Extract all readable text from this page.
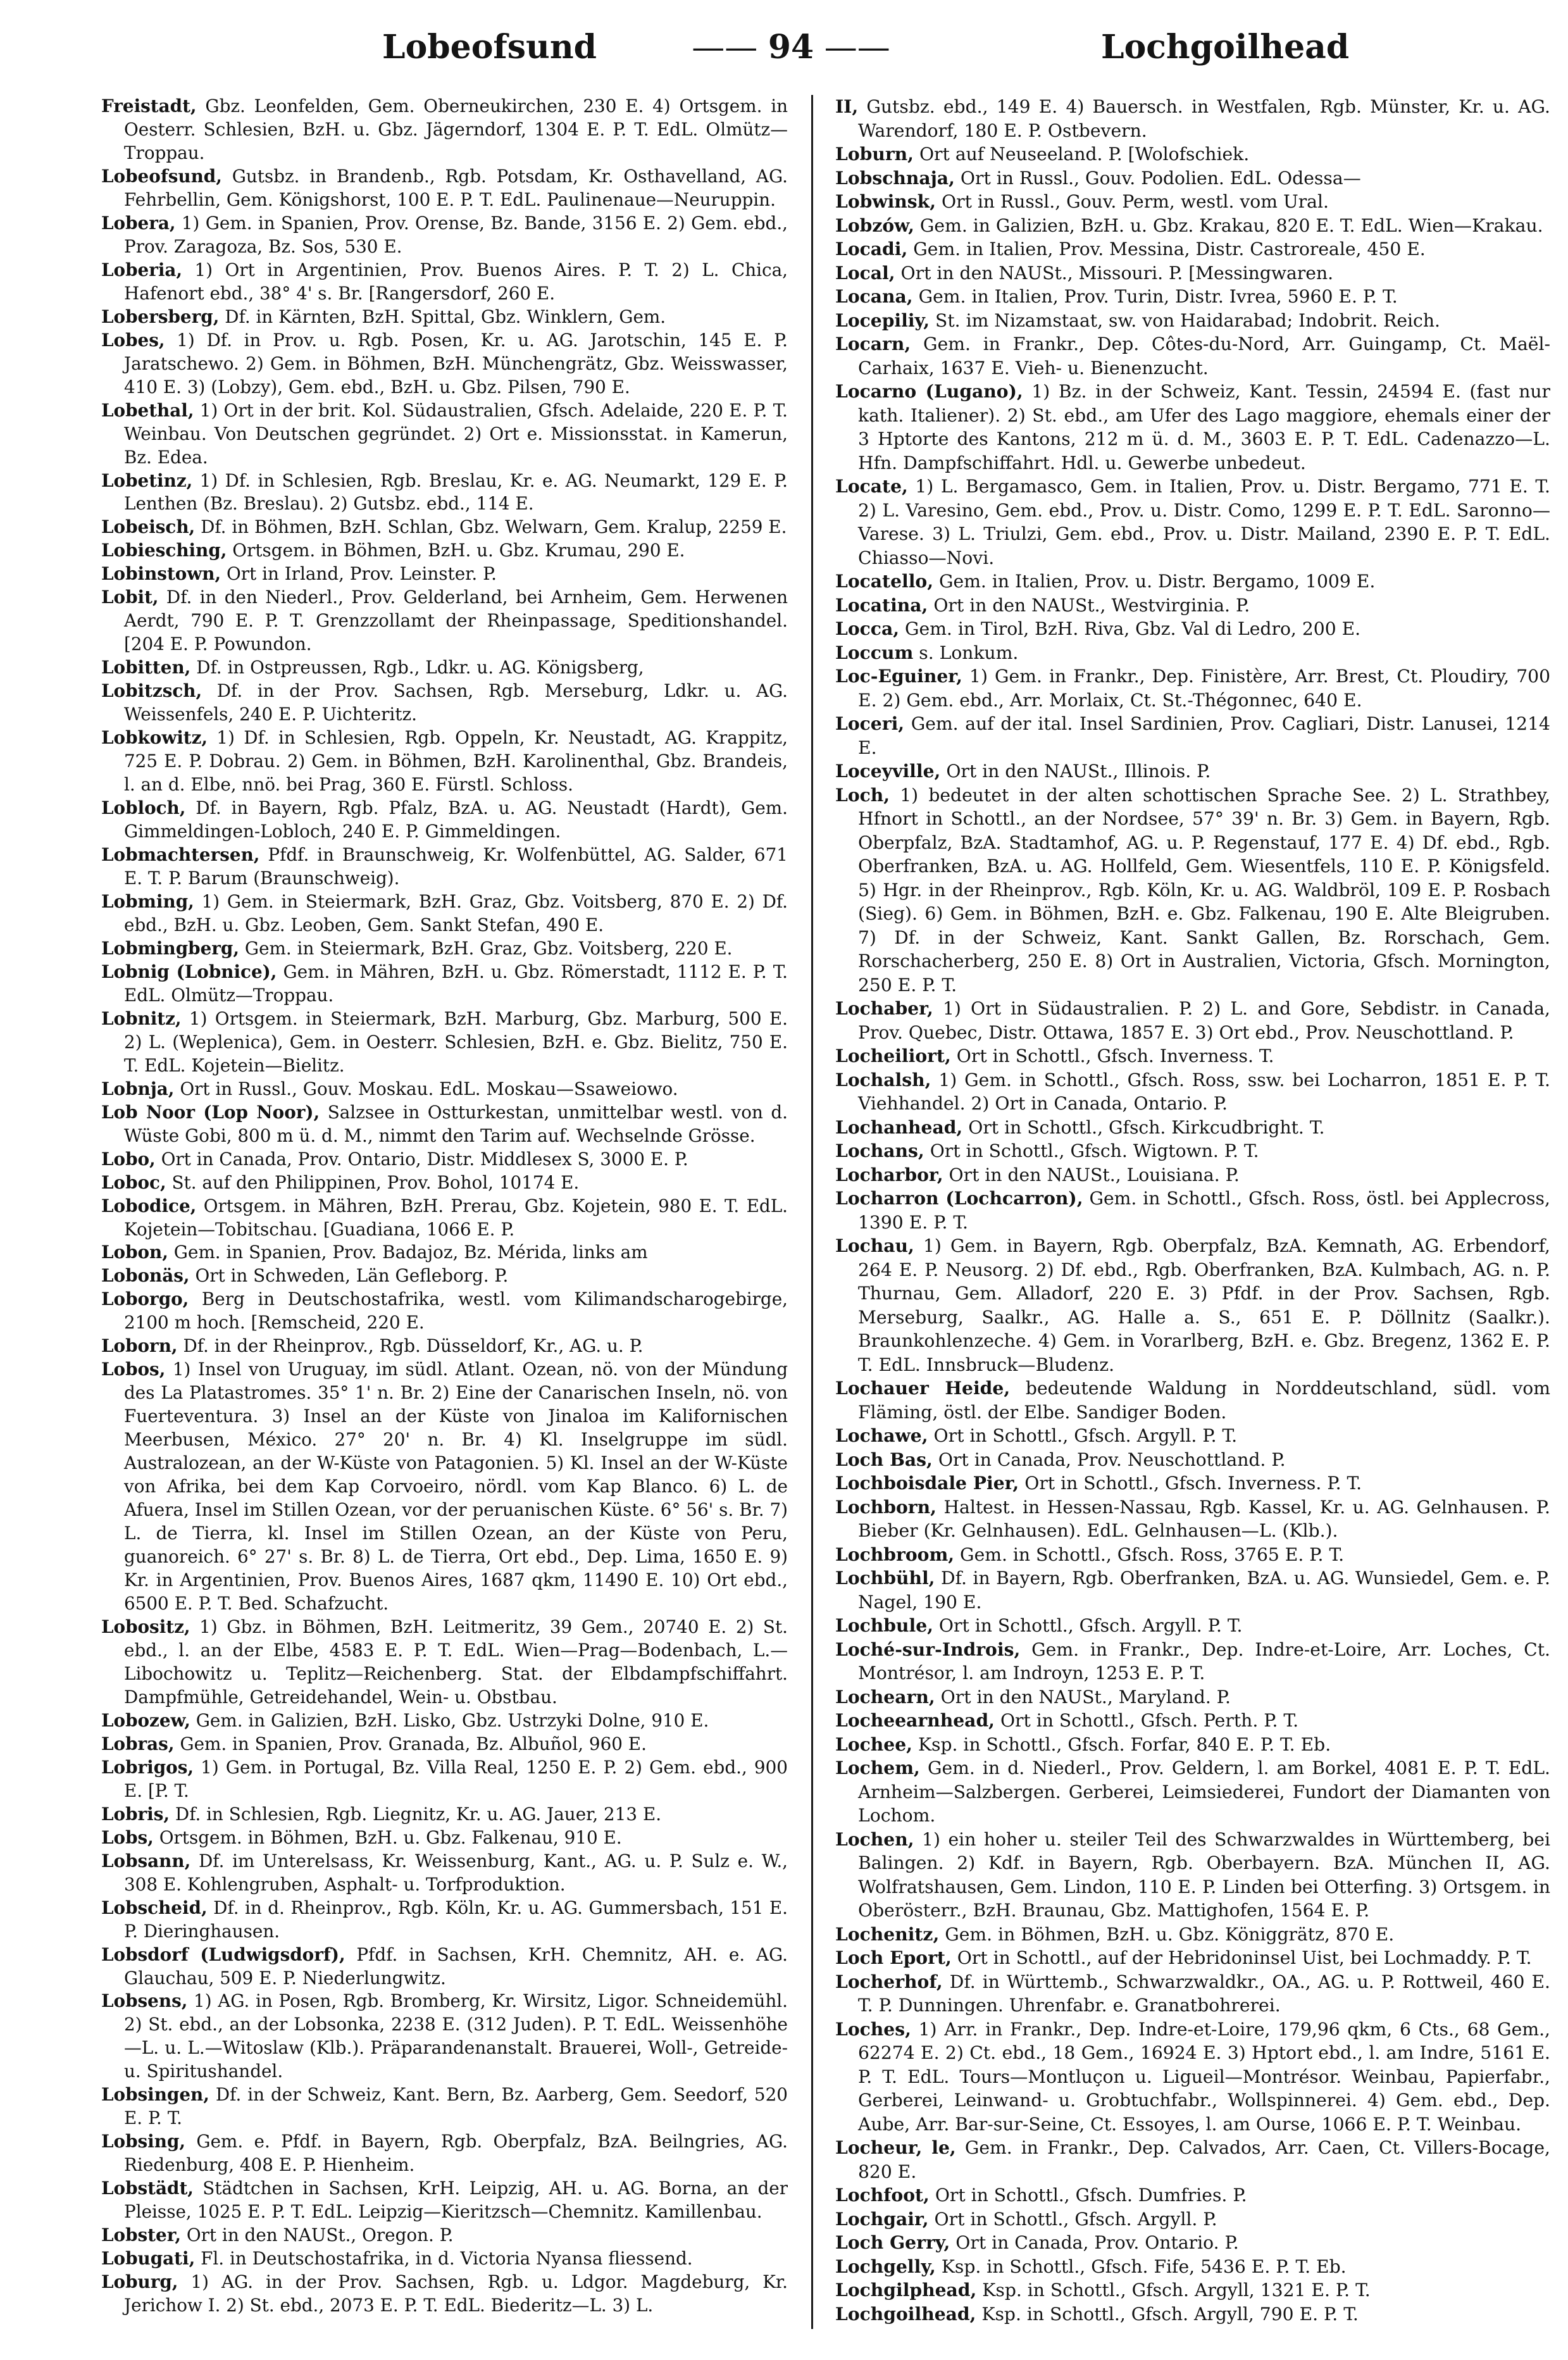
Lobeofsund	—— 94 ——	Lochgoilhead

Freistadt, Gbz. Leonfelden, Gem. Oberneukirchen, 230 E. 4) Ortsgem. in Oesterr. Schlesien, BzH. u. Gbz. Jägerndorf, 1304 E. P. T. EdL. Olmütz—Troppau.

Lobeofsund, Gutsbz. in Brandenb., Rgb. Potsdam, Kr. Osthavelland, AG. Fehrbellin, Gem. Königshorst, 100 E. P. T. EdL. Paulinenaue—Neuruppin.

Lobera, 1) Gem. in Spanien, Prov. Orense, Bz. Bande, 3156 E. 2) Gem. ebd., Prov. Zaragoza, Bz. Sos, 530 E.

Loberia, 1) Ort in Argentinien, Prov. Buenos Aires. P. T. 2) L. Chica, Hafenort ebd., 38° 4' s. Br. [Rangersdorf, 260 E.

Lobersberg, Df. in Kärnten, BzH. Spittal, Gbz. Winklern, Gem.

Lobes, 1) Df. in Prov. u. Rgb. Posen, Kr. u. AG. Jarotschin, 145 E. P. Jaratschewo. 2) Gem. in Böhmen, BzH. Münchengrätz, Gbz. Weisswasser, 410 E. 3) (Lobzy), Gem. ebd., BzH. u. Gbz. Pilsen, 790 E.

Lobethal, 1) Ort in der brit. Kol. Südaustralien, Gfsch. Adelaide, 220 E. P. T. Weinbau. Von Deutschen gegründet. 2) Ort e. Missionsstat. in Kamerun, Bz. Edea.

Lobetinz, 1) Df. in Schlesien, Rgb. Breslau, Kr. e. AG. Neumarkt, 129 E. P. Lenthen (Bz. Breslau). 2) Gutsbz. ebd., 114 E.

Lobeisch, Df. in Böhmen, BzH. Schlan, Gbz. Welwarn, Gem. Kralup, 2259 E.

Lobiesching, Ortsgem. in Böhmen, BzH. u. Gbz. Krumau, 290 E.

Lobinstown, Ort in Irland, Prov. Leinster. P.

Lobit, Df. in den Niederl., Prov. Gelderland, bei Arnheim, Gem. Herwenen Aerdt, 790 E. P. T. Grenzzollamt der Rheinpassage, Speditionshandel. [204 E. P. Powundon.

Lobitten, Df. in Ostpreussen, Rgb., Ldkr. u. AG. Königsberg,

Lobitzsch, Df. in der Prov. Sachsen, Rgb. Merseburg, Ldkr. u. AG. Weissenfels, 240 E. P. Uichteritz.

Lobkowitz, 1) Df. in Schlesien, Rgb. Oppeln, Kr. Neustadt, AG. Krappitz, 725 E. P. Dobrau. 2) Gem. in Böhmen, BzH. Karolinenthal, Gbz. Brandeis, l. an d. Elbe, nnö. bei Prag, 360 E. Fürstl. Schloss.

Lobloch, Df. in Bayern, Rgb. Pfalz, BzA. u. AG. Neustadt (Hardt), Gem. Gimmeldingen-Lobloch, 240 E. P. Gimmeldingen.

Lobmachtersen, Pfdf. in Braunschweig, Kr. Wolfenbüttel, AG. Salder, 671 E. T. P. Barum (Braunschweig).

Lobming, 1) Gem. in Steiermark, BzH. Graz, Gbz. Voitsberg, 870 E. 2) Df. ebd., BzH. u. Gbz. Leoben, Gem. Sankt Stefan, 490 E.

Lobmingberg, Gem. in Steiermark, BzH. Graz, Gbz. Voitsberg, 220 E.

Lobnig (Lobnice), Gem. in Mähren, BzH. u. Gbz. Römerstadt, 1112 E. P. T. EdL. Olmütz—Troppau.

Lobnitz, 1) Ortsgem. in Steiermark, BzH. Marburg, Gbz. Marburg, 500 E. 2) L. (Weplenica), Gem. in Oesterr. Schlesien, BzH. e. Gbz. Bielitz, 750 E. T. EdL. Kojetein—Bielitz.

Lobnja, Ort in Russl., Gouv. Moskau. EdL. Moskau—Ssaweiowo.

Lob Noor (Lop Noor), Salzsee in Ostturkestan, unmittelbar westl. von d. Wüste Gobi, 800 m ü. d. M., nimmt den Tarim auf. Wechselnde Grösse.

Lobo, Ort in Canada, Prov. Ontario, Distr. Middlesex S, 3000 E. P.

Loboc, St. auf den Philippinen, Prov. Bohol, 10174 E.

Lobodice, Ortsgem. in Mähren, BzH. Prerau, Gbz. Kojetein, 980 E. T. EdL. Kojetein—Tobitschau. [Guadiana, 1066 E. P.

Lobon, Gem. in Spanien, Prov. Badajoz, Bz. Mérida, links am

Lobonäs, Ort in Schweden, Län Gefleborg. P.

Loborgo, Berg in Deutschostafrika, westl. vom Kilimandscharogebirge, 2100 m hoch. [Remscheid, 220 E.

Loborn, Df. in der Rheinprov., Rgb. Düsseldorf, Kr., AG. u. P.

Lobos, 1) Insel von Uruguay, im südl. Atlant. Ozean, nö. von der Mündung des La Platastromes. 35° 1' n. Br. 2) Eine der Canarischen Inseln, nö. von Fuerteventura. 3) Insel an der Küste von Jinaloa im Kalifornischen Meerbusen, México. 27° 20' n. Br. 4) Kl. Inselgruppe im südl. Australozean, an der W-Küste von Patagonien. 5) Kl. Insel an der W-Küste von Afrika, bei dem Kap Corvoeiro, nördl. vom Kap Blanco. 6) L. de Afuera, Insel im Stillen Ozean, vor der peruanischen Küste. 6° 56' s. Br. 7) L. de Tierra, kl. Insel im Stillen Ozean, an der Küste von Peru, guanoreich. 6° 27' s. Br. 8) L. de Tierra, Ort ebd., Dep. Lima, 1650 E. 9) Kr. in Argentinien, Prov. Buenos Aires, 1687 qkm, 11490 E. 10) Ort ebd., 6500 E. P. T. Bed. Schafzucht.

Lobositz, 1) Gbz. in Böhmen, BzH. Leitmeritz, 39 Gem., 20740 E. 2) St. ebd., l. an der Elbe, 4583 E. P. T. EdL. Wien—Prag—Bodenbach, L.—Libochowitz u. Teplitz—Reichenberg. Stat. der Elbdampfschiffahrt. Dampfmühle, Getreidehandel, Wein- u. Obstbau.

Lobozew, Gem. in Galizien, BzH. Lisko, Gbz. Ustrzyki Dolne, 910 E.

Lobras, Gem. in Spanien, Prov. Granada, Bz. Albuñol, 960 E.

Lobrigos, 1) Gem. in Portugal, Bz. Villa Real, 1250 E. P. 2) Gem. ebd., 900 E. [P. T.

Lobris, Df. in Schlesien, Rgb. Liegnitz, Kr. u. AG. Jauer, 213 E.

Lobs, Ortsgem. in Böhmen, BzH. u. Gbz. Falkenau, 910 E.

Lobsann, Df. im Unterelsass, Kr. Weissenburg, Kant., AG. u. P. Sulz e. W., 308 E. Kohlengruben, Asphalt- u. Torfproduktion.

Lobscheid, Df. in d. Rheinprov., Rgb. Köln, Kr. u. AG. Gummersbach, 151 E. P. Dieringhausen.

Lobsdorf (Ludwigsdorf), Pfdf. in Sachsen, KrH. Chemnitz, AH. e. AG. Glauchau, 509 E. P. Niederlungwitz.

Lobsens, 1) AG. in Posen, Rgb. Bromberg, Kr. Wirsitz, Ligor. Schneidemühl. 2) St. ebd., an der Lobsonka, 2238 E. (312 Juden). P. T. EdL. Weissenhöhe—L. u. L.—Witoslaw (Klb.). Präparandenanstalt. Brauerei, Woll-, Getreide- u. Spiritushandel.

Lobsingen, Df. in der Schweiz, Kant. Bern, Bz. Aarberg, Gem. Seedorf, 520 E. P. T.

Lobsing, Gem. e. Pfdf. in Bayern, Rgb. Oberpfalz, BzA. Beilngries, AG. Riedenburg, 408 E. P. Hienheim.

Lobstädt, Städtchen in Sachsen, KrH. Leipzig, AH. u. AG. Borna, an der Pleisse, 1025 E. P. T. EdL. Leipzig—Kieritzsch—Chemnitz. Kamillenbau.

Lobster, Ort in den NAUSt., Oregon. P.

Lobugati, Fl. in Deutschostafrika, in d. Victoria Nyansa fliessend.

Loburg, 1) AG. in der Prov. Sachsen, Rgb. u. Ldgor. Magdeburg, Kr. Jerichow I. 2) St. ebd., 2073 E. P. T. EdL. Biederitz—L. 3) L.

II, Gutsbz. ebd., 149 E. 4) Bauersch. in Westfalen, Rgb. Münster, Kr. u. AG. Warendorf, 180 E. P. Ostbevern.

Loburn, Ort auf Neuseeland. P. [Wolofschiek.

Lobschnaja, Ort in Russl., Gouv. Podolien. EdL. Odessa—

Lobwinsk, Ort in Russl., Gouv. Perm, westl. vom Ural.

Lobzów, Gem. in Galizien, BzH. u. Gbz. Krakau, 820 E. T. EdL. Wien—Krakau.

Locadi, Gem. in Italien, Prov. Messina, Distr. Castroreale, 450 E.

Local, Ort in den NAUSt., Missouri. P. [Messingwaren.

Locana, Gem. in Italien, Prov. Turin, Distr. Ivrea, 5960 E. P. T.

Locepiliy, St. im Nizamstaat, sw. von Haidarabad; Indobrit. Reich.

Locarn, Gem. in Frankr., Dep. Côtes-du-Nord, Arr. Guingamp, Ct. Maël-Carhaix, 1637 E. Vieh- u. Bienenzucht.

Locarno (Lugano), 1) Bz. in der Schweiz, Kant. Tessin, 24594 E. (fast nur kath. Italiener). 2) St. ebd., am Ufer des Lago maggiore, ehemals einer der 3 Hptorte des Kantons, 212 m ü. d. M., 3603 E. P. T. EdL. Cadenazzo—L. Hfn. Dampfschiffahrt. Hdl. u. Gewerbe unbedeut.

Locate, 1) L. Bergamasco, Gem. in Italien, Prov. u. Distr. Bergamo, 771 E. T. 2) L. Varesino, Gem. ebd., Prov. u. Distr. Como, 1299 E. P. T. EdL. Saronno—Varese. 3) L. Triulzi, Gem. ebd., Prov. u. Distr. Mailand, 2390 E. P. T. EdL. Chiasso—Novi.

Locatello, Gem. in Italien, Prov. u. Distr. Bergamo, 1009 E.

Locatina, Ort in den NAUSt., Westvirginia. P.

Locca, Gem. in Tirol, BzH. Riva, Gbz. Val di Ledro, 200 E.

Loccum s. Lonkum.

Loc-Eguiner, 1) Gem. in Frankr., Dep. Finistère, Arr. Brest, Ct. Ploudiry, 700 E. 2) Gem. ebd., Arr. Morlaix, Ct. St.-Thégonnec, 640 E.

Loceri, Gem. auf der ital. Insel Sardinien, Prov. Cagliari, Distr. Lanusei, 1214 E.

Loceyville, Ort in den NAUSt., Illinois. P.

Loch, 1) bedeutet in der alten schottischen Sprache See. 2) L. Strathbey, Hfnort in Schottl., an der Nordsee, 57° 39' n. Br. 3) Gem. in Bayern, Rgb. Oberpfalz, BzA. Stadtamhof, AG. u. P. Regenstauf, 177 E. 4) Df. ebd., Rgb. Oberfranken, BzA. u. AG. Hollfeld, Gem. Wiesentfels, 110 E. P. Königsfeld. 5) Hgr. in der Rheinprov., Rgb. Köln, Kr. u. AG. Waldbröl, 109 E. P. Rosbach (Sieg). 6) Gem. in Böhmen, BzH. e. Gbz. Falkenau, 190 E. Alte Bleigruben. 7) Df. in der Schweiz, Kant. Sankt Gallen, Bz. Rorschach, Gem. Rorschacherberg, 250 E. 8) Ort in Australien, Victoria, Gfsch. Mornington, 250 E. P. T.

Lochaber, 1) Ort in Südaustralien. P. 2) L. and Gore, Sebdistr. in Canada, Prov. Quebec, Distr. Ottawa, 1857 E. 3) Ort ebd., Prov. Neuschottland. P.

Locheiliort, Ort in Schottl., Gfsch. Inverness. T.

Lochalsh, 1) Gem. in Schottl., Gfsch. Ross, ssw. bei Locharron, 1851 E. P. T. Viehhandel. 2) Ort in Canada, Ontario. P.

Lochanhead, Ort in Schottl., Gfsch. Kirkcudbright. T.

Lochans, Ort in Schottl., Gfsch. Wigtown. P. T.

Locharbor, Ort in den NAUSt., Louisiana. P.

Locharron (Lochcarron), Gem. in Schottl., Gfsch. Ross, östl. bei Applecross, 1390 E. P. T.

Lochau, 1) Gem. in Bayern, Rgb. Oberpfalz, BzA. Kemnath, AG. Erbendorf, 264 E. P. Neusorg. 2) Df. ebd., Rgb. Oberfranken, BzA. Kulmbach, AG. n. P. Thurnau, Gem. Alladorf, 220 E. 3) Pfdf. in der Prov. Sachsen, Rgb. Merseburg, Saalkr., AG. Halle a. S., 651 E. P. Döllnitz (Saalkr.). Braunkohlenzeche. 4) Gem. in Vorarlberg, BzH. e. Gbz. Bregenz, 1362 E. P. T. EdL. Innsbruck—Bludenz.

Lochauer Heide, bedeutende Waldung in Norddeutschland, südl. vom Fläming, östl. der Elbe. Sandiger Boden.

Lochawe, Ort in Schottl., Gfsch. Argyll. P. T.

Loch Bas, Ort in Canada, Prov. Neuschottland. P.

Lochboisdale Pier, Ort in Schottl., Gfsch. Inverness. P. T.

Lochborn, Haltest. in Hessen-Nassau, Rgb. Kassel, Kr. u. AG. Gelnhausen. P. Bieber (Kr. Gelnhausen). EdL. Gelnhausen—L. (Klb.).

Lochbroom, Gem. in Schottl., Gfsch. Ross, 3765 E. P. T.

Lochbühl, Df. in Bayern, Rgb. Oberfranken, BzA. u. AG. Wunsiedel, Gem. e. P. Nagel, 190 E.

Lochbule, Ort in Schottl., Gfsch. Argyll. P. T.

Loché-sur-Indrois, Gem. in Frankr., Dep. Indre-et-Loire, Arr. Loches, Ct. Montrésor, l. am Indroyn, 1253 E. P. T.

Lochearn, Ort in den NAUSt., Maryland. P.

Locheearnhead, Ort in Schottl., Gfsch. Perth. P. T.

Lochee, Ksp. in Schottl., Gfsch. Forfar, 840 E. P. T. Eb.

Lochem, Gem. in d. Niederl., Prov. Geldern, l. am Borkel, 4081 E. P. T. EdL. Arnheim—Salzbergen. Gerberei, Leimsiederei, Fundort der Diamanten von Lochom.

Lochen, 1) ein hoher u. steiler Teil des Schwarzwaldes in Württemberg, bei Balingen. 2) Kdf. in Bayern, Rgb. Oberbayern. BzA. München II, AG. Wolfratshausen, Gem. Lindon, 110 E. P. Linden bei Otterfing. 3) Ortsgem. in Oberösterr., BzH. Braunau, Gbz. Mattighofen, 1564 E. P.

Lochenitz, Gem. in Böhmen, BzH. u. Gbz. Königgrätz, 870 E.

Loch Eport, Ort in Schottl., auf der Hebridoninsel Uist, bei Lochmaddy. P. T.

Locherhof, Df. in Württemb., Schwarzwaldkr., OA., AG. u. P. Rottweil, 460 E. T. P. Dunningen. Uhrenfabr. e. Granatbohrerei.

Loches, 1) Arr. in Frankr., Dep. Indre-et-Loire, 179,96 qkm, 6 Cts., 68 Gem., 62274 E. 2) Ct. ebd., 18 Gem., 16924 E. 3) Hptort ebd., l. am Indre, 5161 E. P. T. EdL. Tours—Montluçon u. Ligueil—Montrésor. Weinbau, Papierfabr., Gerberei, Leinwand- u. Grobtuchfabr., Wollspinnerei. 4) Gem. ebd., Dep. Aube, Arr. Bar-sur-Seine, Ct. Essoyes, l. am Ourse, 1066 E. P. T. Weinbau.

Locheur, le, Gem. in Frankr., Dep. Calvados, Arr. Caen, Ct. Villers-Bocage, 820 E.

Lochfoot, Ort in Schottl., Gfsch. Dumfries. P.

Lochgair, Ort in Schottl., Gfsch. Argyll. P.

Loch Gerry, Ort in Canada, Prov. Ontario. P.

Lochgelly, Ksp. in Schottl., Gfsch. Fife, 5436 E. P. T. Eb.

Lochgilphead, Ksp. in Schottl., Gfsch. Argyll, 1321 E. P. T.

Lochgoilhead, Ksp. in Schottl., Gfsch. Argyll, 790 E. P. T.
